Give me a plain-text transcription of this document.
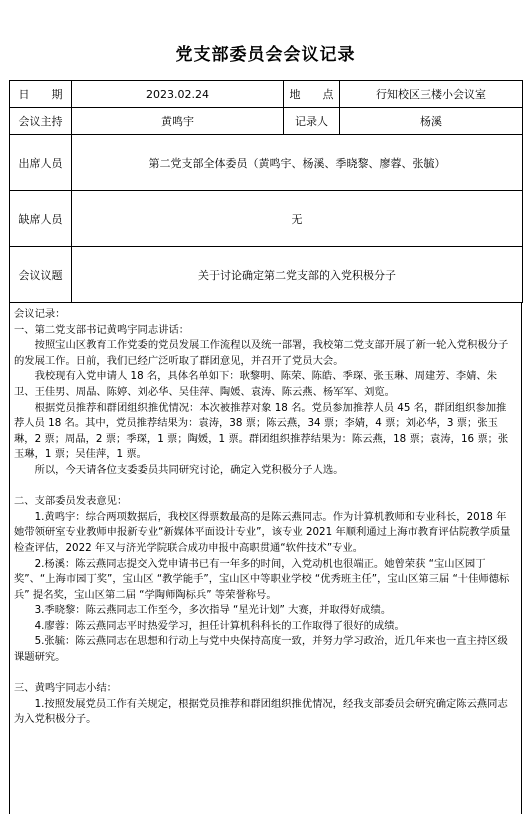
党支部委员会会议记录
日　　期	2023.02.24	地　　点	行知校区三楼小会议室
会议主持	黄鸣宇	记录人	杨溪
出席人员	第二党支部全体委员（黄鸣宇、杨溪、季晓黎、廖蓉、张毓）		
缺席人员	无		
会议议题	关于讨论确定第二党支部的入党积极分子		

会议记录：

一、第二党支部书记黄鸣宇同志讲话：

按照宝山区教育工作党委的党员发展工作流程以及统一部署，我校第二党支部开展了新一轮入党积极分子的发展工作。日前，我们已经广泛听取了群团意见，并召开了党员大会。

我校现有入党申请人 18 名，具体名单如下：耿黎明、陈荣、陈皓、季琛、张玉琳、周建芳、李婧、朱卫、王佳男、周晶、陈婷、刘必华、吴佳萍、陶媛、袁涛、陈云燕、杨军军、刘览。

根据党员推荐和群团组织推优情况：本次被推荐对象 18 名。党员参加推荐人员 45 名，群团组织参加推荐人员 18 名。其中，党员推荐结果为：袁涛，38 票；陈云燕，34 票；李婧，4 票；刘必华，3 票；张玉琳，2 票；周晶，2 票；季琛，1 票；陶媛，1 票。群团组织推荐结果为：陈云燕，18 票；袁涛，16 票；张玉琳，1 票；吴佳萍，1 票。

所以，今天请各位支委委员共同研究讨论，确定入党积极分子人选。

二、支部委员发表意见：

1.黄鸣宇：综合两项数据后，我校区得票数最高的是陈云燕同志。作为计算机教师和专业科长，2018 年她带领研室专业教师申报新专业“新媒体平面设计专业”，该专业 2021 年顺利通过上海市教育评估院教学质量检查评估，2022 年又与济光学院联合成功申报中高职贯通“软件技术”专业。

2.杨溪：陈云燕同志提交入党申请书已有一年多的时间，入党动机也很端正。她曾荣获 “宝山区园丁奖”、“上海市园丁奖”，宝山区 “教学能手”，宝山区中等职业学校 “优秀班主任”，宝山区第三届 “十佳师德标兵” 提名奖，宝山区第二届 “学陶师陶标兵” 等荣誉称号。

3.季晓黎：陈云燕同志工作至今，多次指导 “星光计划” 大赛，并取得好成绩。

4.廖蓉：陈云燕同志平时热爱学习，担任计算机科科长的工作取得了很好的成绩。

5.张毓：陈云燕同志在思想和行动上与党中央保持高度一致，并努力学习政治，近几年来也一直主持区级课题研究。

三、黄鸣宇同志小结：

1.按照发展党员工作有关规定，根据党员推荐和群团组织推优情况，经我支部委员会研究确定陈云燕同志为入党积极分子。
